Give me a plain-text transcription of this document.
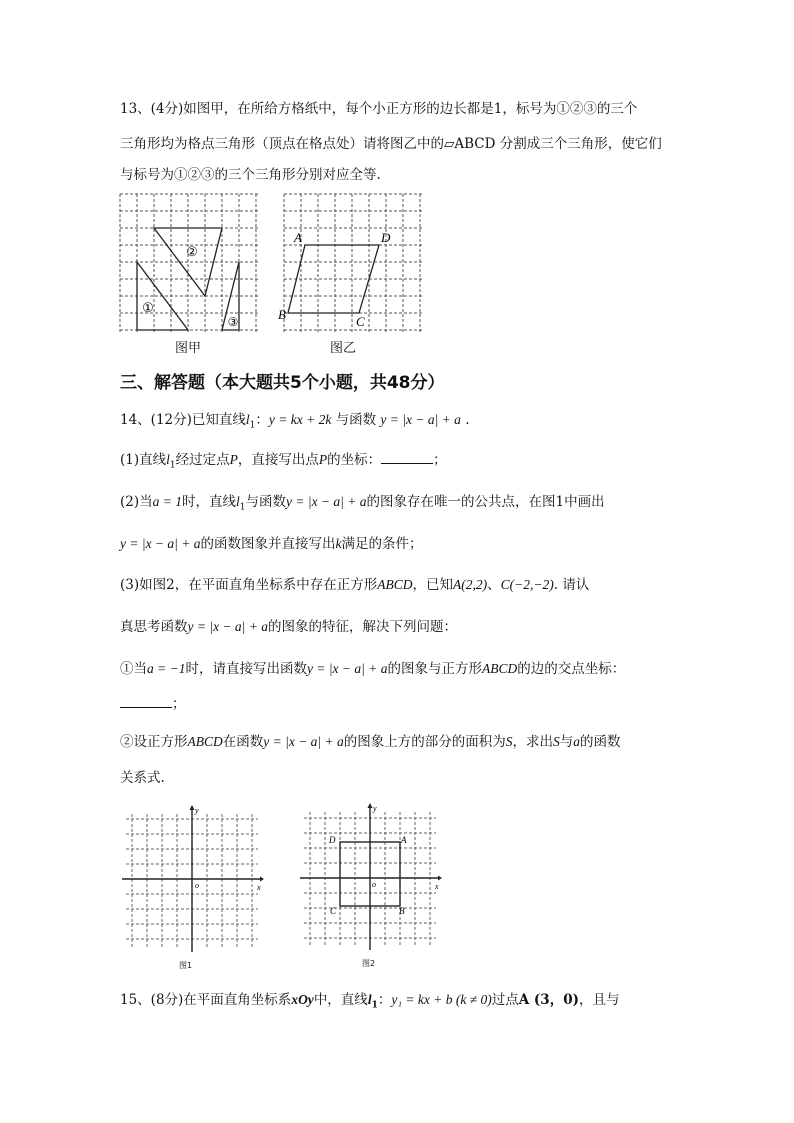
13、(4分)如图甲，在所给方格纸中，每个小正方形的边长都是1，标号为①②③的三个
三角形均为格点三角形（顶点在格点处）请将图乙中的▱ABCD 分割成三个三角形，使它们
与标号为①②③的三个三角形分别对应全等.
②
①
③
图甲
A	D
B	C
图乙
三、解答题（本大题共5个小题，共48分）
14、(12分)已知直线$l_1$：y = kx + 2k 与函数 y = |x − a| + a .
(1)直线$l_1$经过定点P，直接写出点P的坐标：	；
(2)当a = 1时，直线$l_1$与函数y = |x − a| + a的图象存在唯一的公共点，在图1中画出
y = |x − a| + a的函数图象并直接写出k满足的条件；
(3)如图2，在平面直角坐标系中存在正方形ABCD，已知A(2,2)、C(−2,−2). 请认
真思考函数y = |x − a| + a的图象的特征，解决下列问题：
①当a = −1时，请直接写出函数y = |x − a| + a的图象与正方形ABCD的边的交点坐标：
；
②设正方形ABCD在函数y = |x − a| + a的图象上方的部分的面积为S，求出S与a的函数
关系式.
x
y
o
图1
D	A
C	B
x
y
o
图2
15、(8分)在平面直角坐标系xOy中，直线$l_1$：y₁ = kx + b (k ≠ 0)过点A (3，0)，且与
